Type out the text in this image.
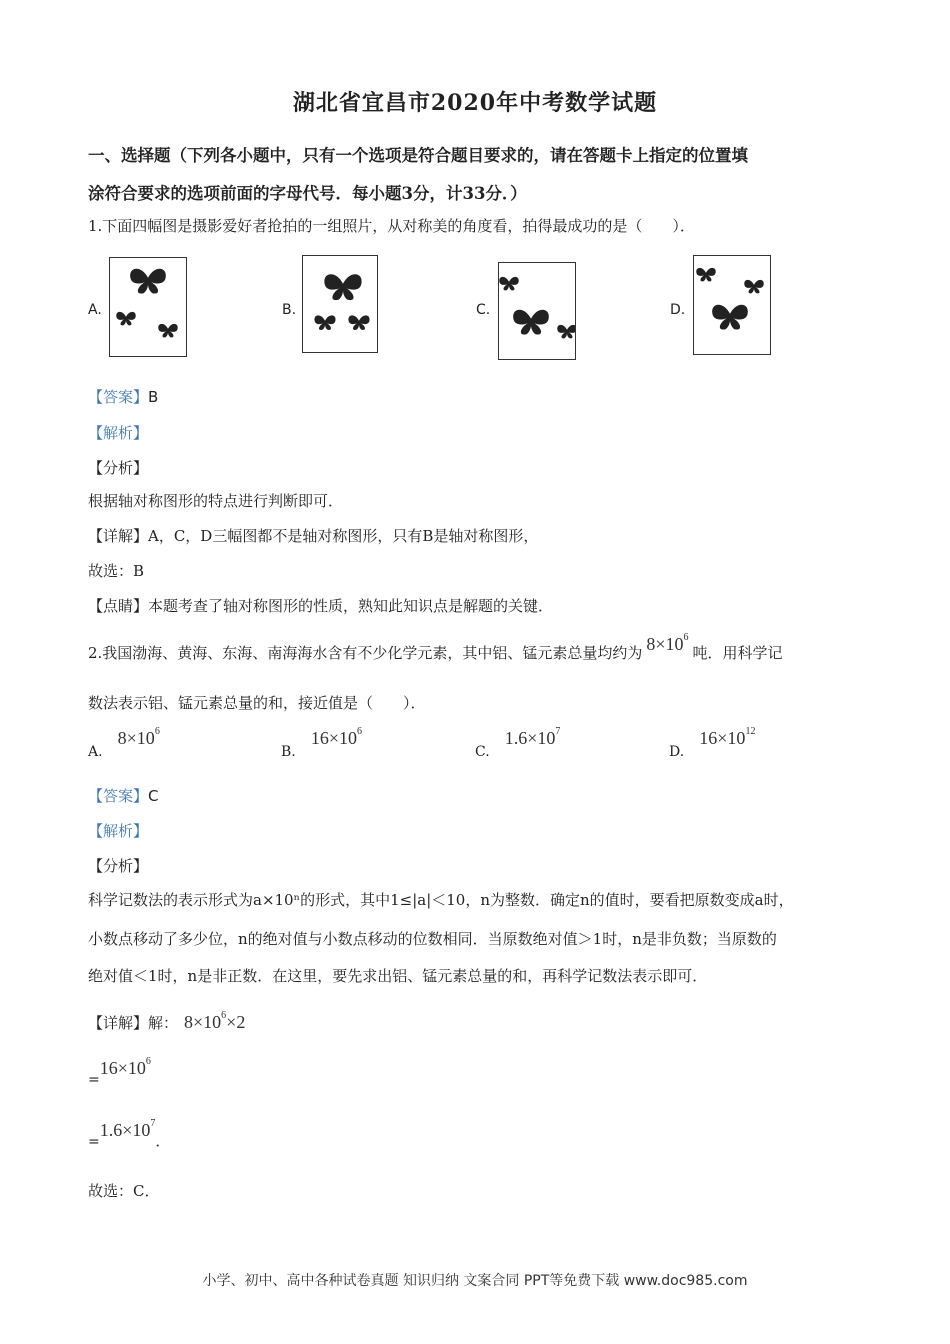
湖北省宜昌市2020年中考数学试题
一、选择题（下列各小题中，只有一个选项是符合题目要求的，请在答题卡上指定的位置填
涂符合要求的选项前面的字母代号．每小题3分，计33分．）
1.下面四幅图是摄影爱好者抢拍的一组照片，从对称美的角度看，拍得最成功的是（　　）．
A.	B.	C.	D.
【答案】B
【解析】
【分析】
根据轴对称图形的特点进行判断即可．
【详解】A，C，D三幅图都不是轴对称图形，只有B是轴对称图形，
故选：B
【点睛】本题考查了轴对称图形的性质，熟知此知识点是解题的关键．
2.我国渤海、黄海、东海、南海海水含有不少化学元素，其中铝、锰元素总量均约为 $8\times 10^6$吨．用科学记
数法表示铝、锰元素总量的和，接近值是（　　）．
A. $8\times 10^6$
B. $16\times 10^6$
C. $1.6\times 10^7$
D. $16\times 10^{12}$
【答案】C
【解析】
【分析】
科学记数法的表示形式为a×10ⁿ的形式，其中1≤|a|＜10，n为整数．确定n的值时，要看把原数变成a时，
小数点移动了多少位，n的绝对值与小数点移动的位数相同．当原数绝对值＞1时，n是非负数；当原数的
绝对值＜1时，n是非正数．在这里，要先求出铝、锰元素总量的和，再科学记数法表示即可．
【详解】解： $8\times 10^6\times 2$
$=16\times 10^6$
$=1.6\times 10^7$．
故选：C．
小学、初中、高中各种试卷真题 知识归纳 文案合同 PPT等免费下载 www.doc985.com
